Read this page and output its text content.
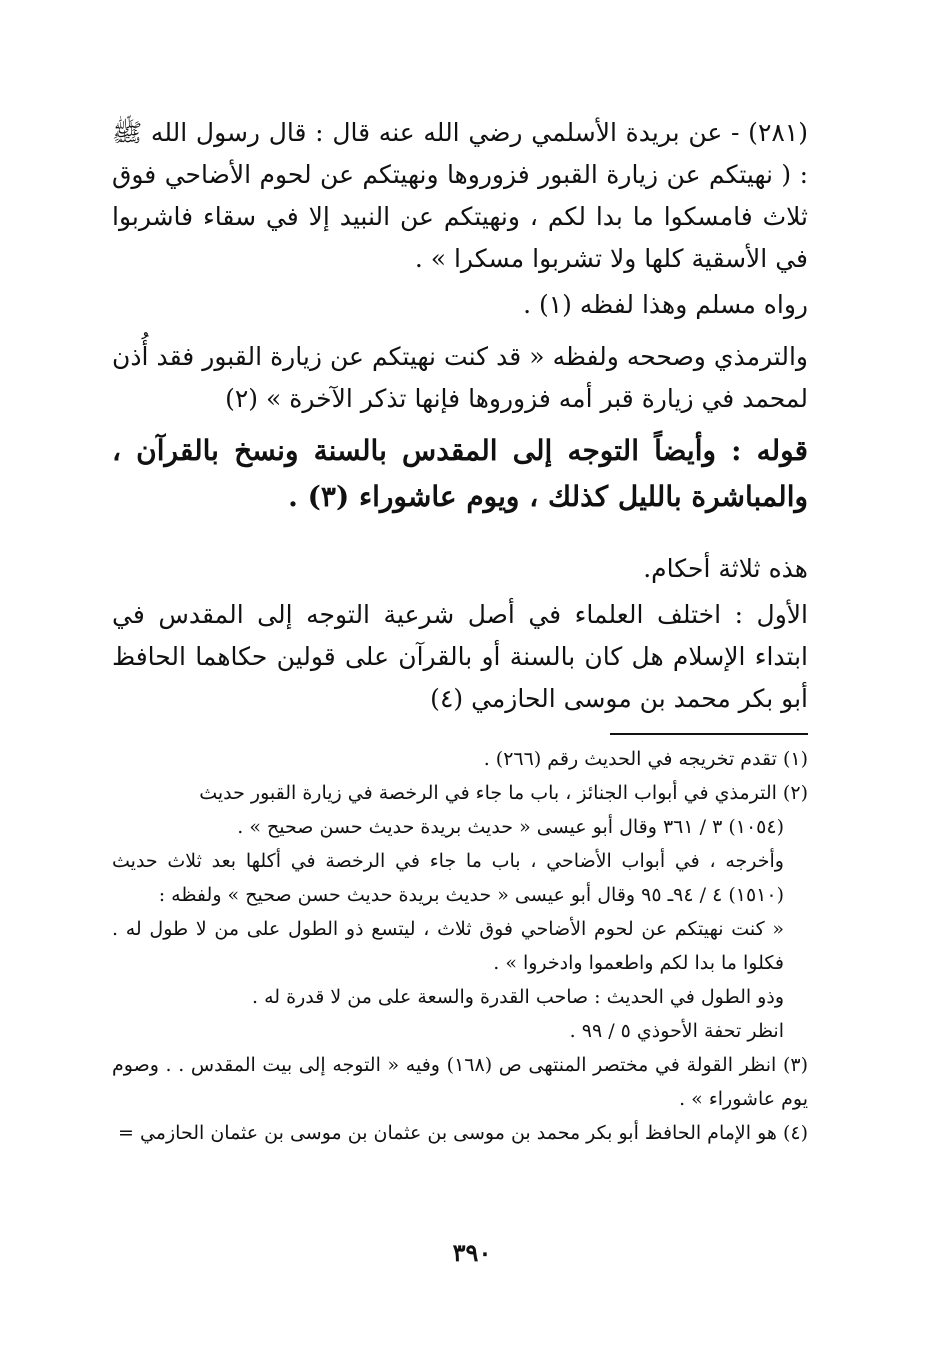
(٢٨١) - عن بريدة الأسلمي رضي الله عنه قال : قال رسول الله ﷺ : ( نهيتكم عن زيارة القبور فزوروها ونهيتكم عن لحوم الأضاحي فوق ثلاث فامسكوا ما بدا لكم ، ونهيتكم عن النبيد إلا في سقاء فاشربوا في الأسقية كلها ولا تشربوا مسكرا » .

رواه مسلم وهذا لفظه (١) .

والترمذي وصححه ولفظه « قد كنت نهيتكم عن زيارة القبور فقد أُذن لمحمد في زيارة قبر أمه فزوروها فإنها تذكر الآخرة » (٢)

قوله : وأيضاً التوجه إلى المقدس بالسنة ونسخ بالقرآن ، والمباشرة بالليل كذلك ، ويوم عاشوراء (٣) .

هذه ثلاثة أحكام.

الأول : اختلف العلماء في أصل شرعية التوجه إلى المقدس في ابتداء الإسلام هل كان بالسنة أو بالقرآن على قولين حكاهما الحافظ أبو بكر محمد بن موسى الحازمي (٤)

(١) تقدم تخريجه في الحديث رقم (٢٦٦) .

(٢) الترمذي في أبواب الجنائز ، باب ما جاء في الرخصة في زيارة القبور حديث

(١٠٥٤) ٣ / ٣٦١ وقال أبو عيسى « حديث بريدة حديث حسن صحيح » .

وأخرجه ، في أبواب الأضاحي ، باب ما جاء في الرخصة في أكلها بعد ثلاث حديث (١٥١٠) ٤ / ٩٤ـ ٩٥ وقال أبو عيسى « حديث بريدة حديث حسن صحيح » ولفظه :

« كنت نهيتكم عن لحوم الأضاحي فوق ثلاث ، ليتسع ذو الطول على من لا طول له . فكلوا ما بدا لكم واطعموا وادخروا » .

وذو الطول في الحديث : صاحب القدرة والسعة على من لا قدرة له .

انظر تحفة الأحوذي ٥ / ٩٩ .

(٣) انظر القولة في مختصر المنتهى ص (١٦٨) وفيه « التوجه إلى بيت المقدس . . وصوم يوم عاشوراء » .

(٤) هو الإمام الحافظ أبو بكر محمد بن موسى بن عثمان بن موسى بن عثمان الحازمي =

٣٩٠
